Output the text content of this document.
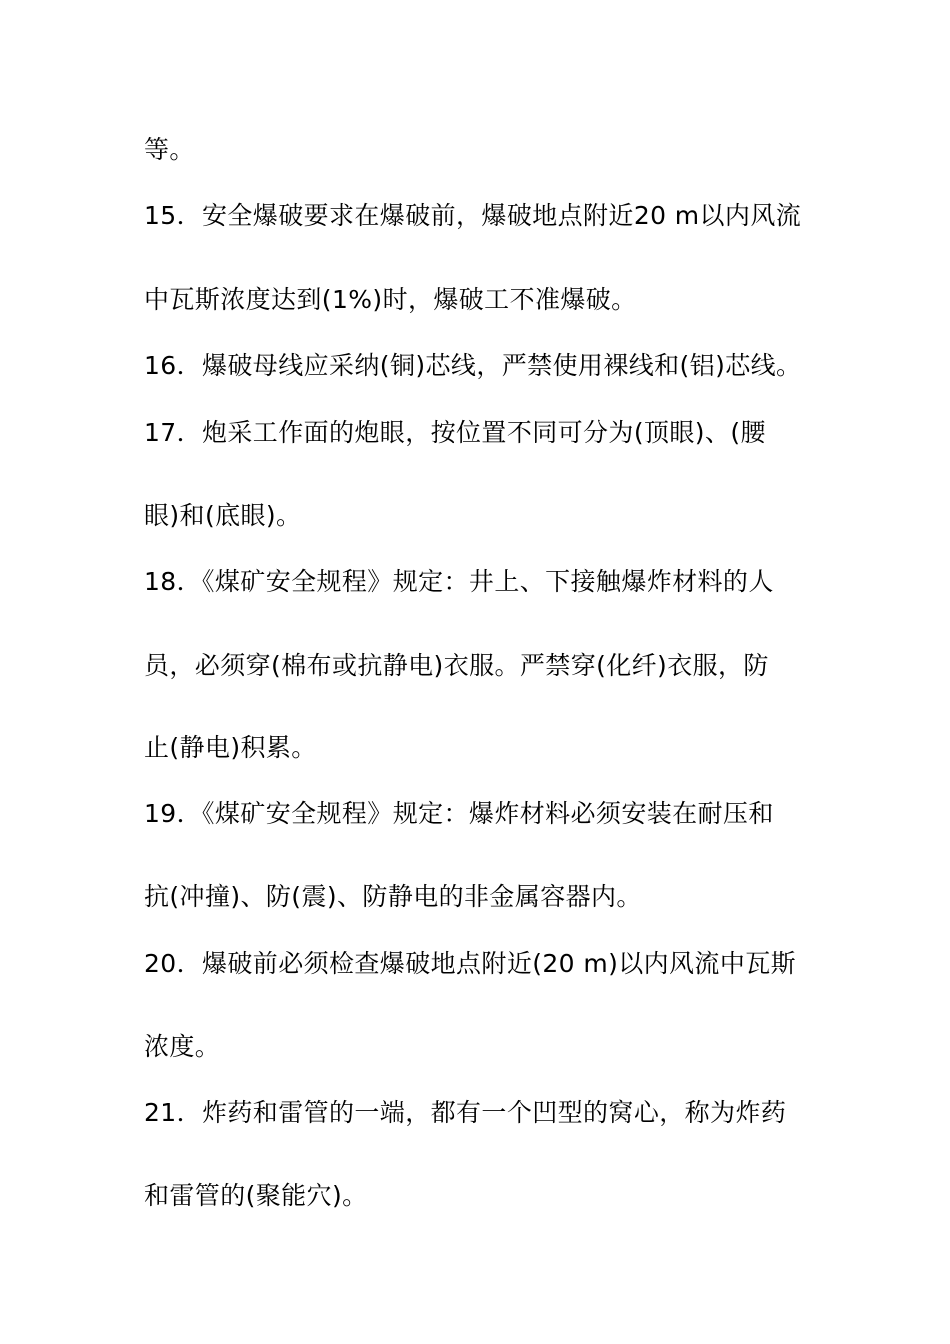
等。
15．安全爆破要求在爆破前，爆破地点附近20 m以内风流
中瓦斯浓度达到(1%)时，爆破工不准爆破。
16．爆破母线应采纳(铜)芯线，严禁使用裸线和(铝)芯线。
17．炮采工作面的炮眼，按位置不同可分为(顶眼)、(腰
眼)和(底眼)。
18．《煤矿安全规程》规定：井上、下接触爆炸材料的人
员，必须穿(棉布或抗静电)衣服。严禁穿(化纤)衣服，防
止(静电)积累。
19．《煤矿安全规程》规定：爆炸材料必须安装在耐压和
抗(冲撞)、防(震)、防静电的非金属容器内。
20．爆破前必须检查爆破地点附近(20 m)以内风流中瓦斯
浓度。
21．炸药和雷管的一端，都有一个凹型的窝心，称为炸药
和雷管的(聚能穴)。
